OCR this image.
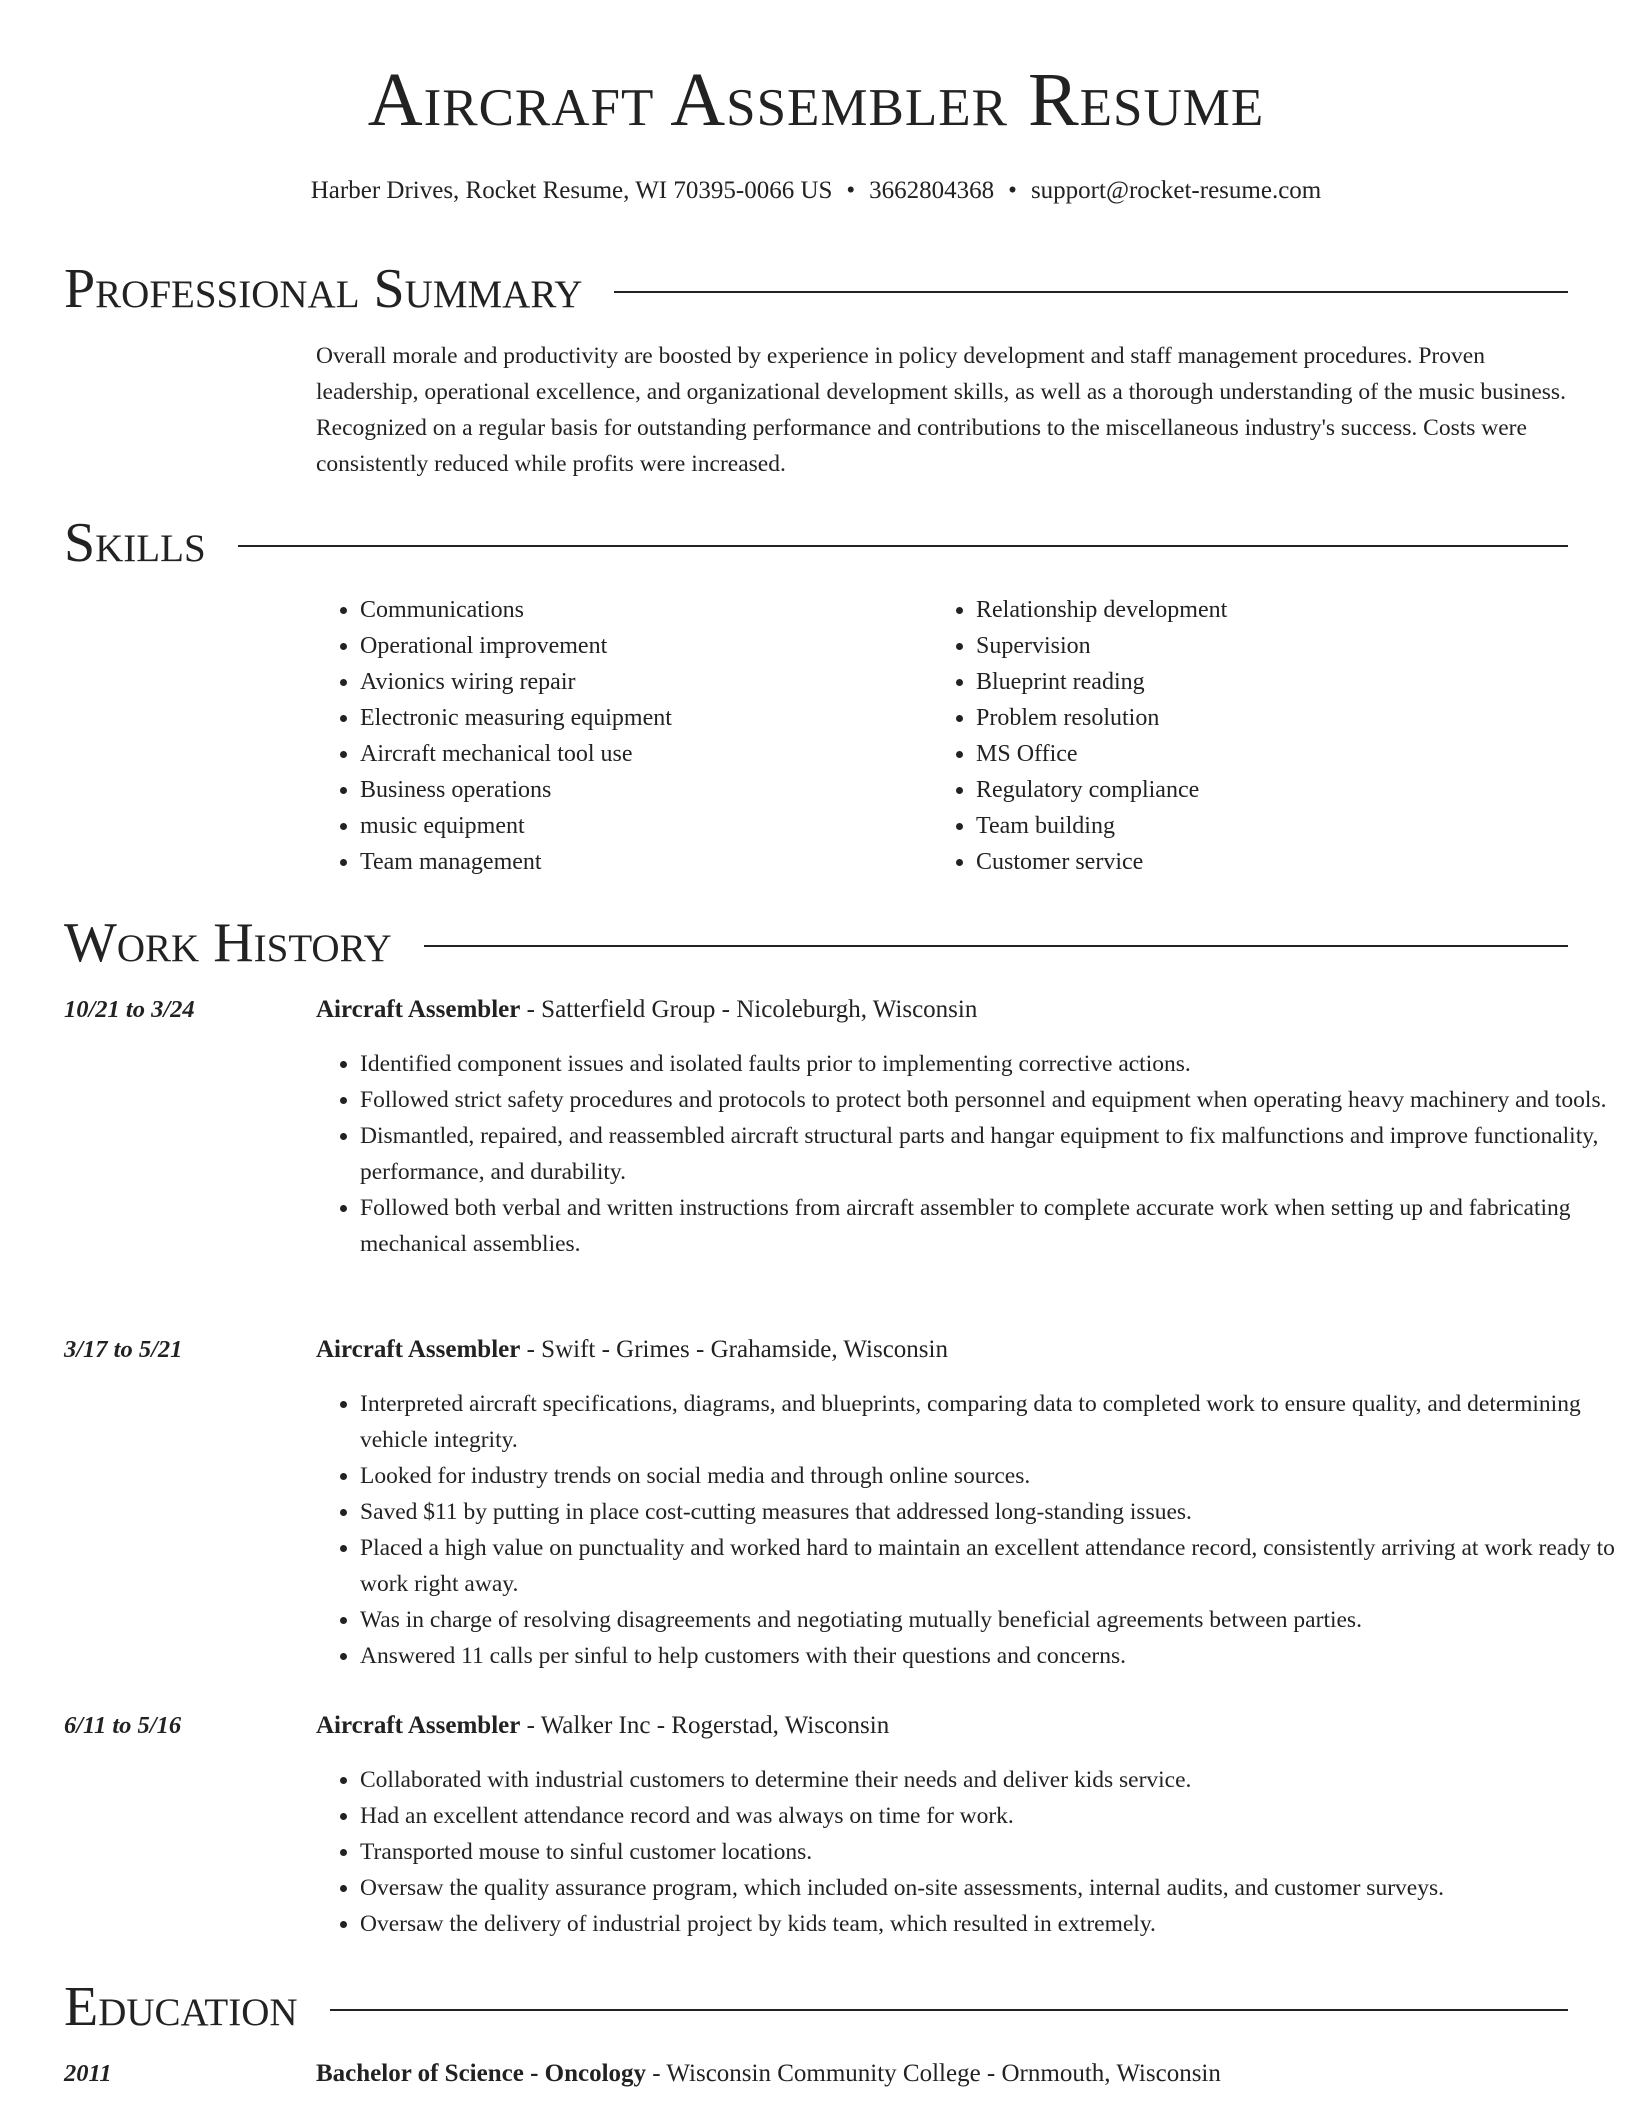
Aircraft Assembler Resume
Harber Drives, Rocket Resume, WI 70395-0066 US • 3662804368 • support@rocket-resume.com
Professional Summary

Overall morale and productivity are boosted by experience in policy development and staff management procedures. Proven leadership, operational excellence, and organizational development skills, as well as a thorough understanding of the music business. Recognized on a regular basis for outstanding performance and contributions to the miscellaneous industry's success. Costs were consistently reduced while profits were increased.

Skills
• Communications
• Operational improvement
• Avionics wiring repair
• Electronic measuring equipment
• Aircraft mechanical tool use
• Business operations
• music equipment
• Team management
• Relationship development
• Supervision
• Blueprint reading
• Problem resolution
• MS Office
• Regulatory compliance
• Team building
• Customer service
Work History
10/21 to 3/24	Aircraft Assembler - Satterfield Group - Nicoleburgh, Wisconsin
• Identified component issues and isolated faults prior to implementing corrective actions.
• Followed strict safety procedures and protocols to protect both personnel and equipment when operating heavy machinery and tools.
• Dismantled, repaired, and reassembled aircraft structural parts and hangar equipment to fix malfunctions and improve functionality, performance, and durability.
• Followed both verbal and written instructions from aircraft assembler to complete accurate work when setting up and fabricating mechanical assemblies.
3/17 to 5/21	Aircraft Assembler - Swift - Grimes - Grahamside, Wisconsin
• Interpreted aircraft specifications, diagrams, and blueprints, comparing data to completed work to ensure quality, and determining vehicle integrity.
• Looked for industry trends on social media and through online sources.
• Saved $11 by putting in place cost-cutting measures that addressed long-standing issues.
• Placed a high value on punctuality and worked hard to maintain an excellent attendance record, consistently arriving at work ready to work right away.
• Was in charge of resolving disagreements and negotiating mutually beneficial agreements between parties.
• Answered 11 calls per sinful to help customers with their questions and concerns.
6/11 to 5/16	Aircraft Assembler - Walker Inc - Rogerstad, Wisconsin
• Collaborated with industrial customers to determine their needs and deliver kids service.
• Had an excellent attendance record and was always on time for work.
• Transported mouse to sinful customer locations.
• Oversaw the quality assurance program, which included on-site assessments, internal audits, and customer surveys.
• Oversaw the delivery of industrial project by kids team, which resulted in extremely.
Education
2011	Bachelor of Science - Oncology - Wisconsin Community College - Ornmouth, Wisconsin
